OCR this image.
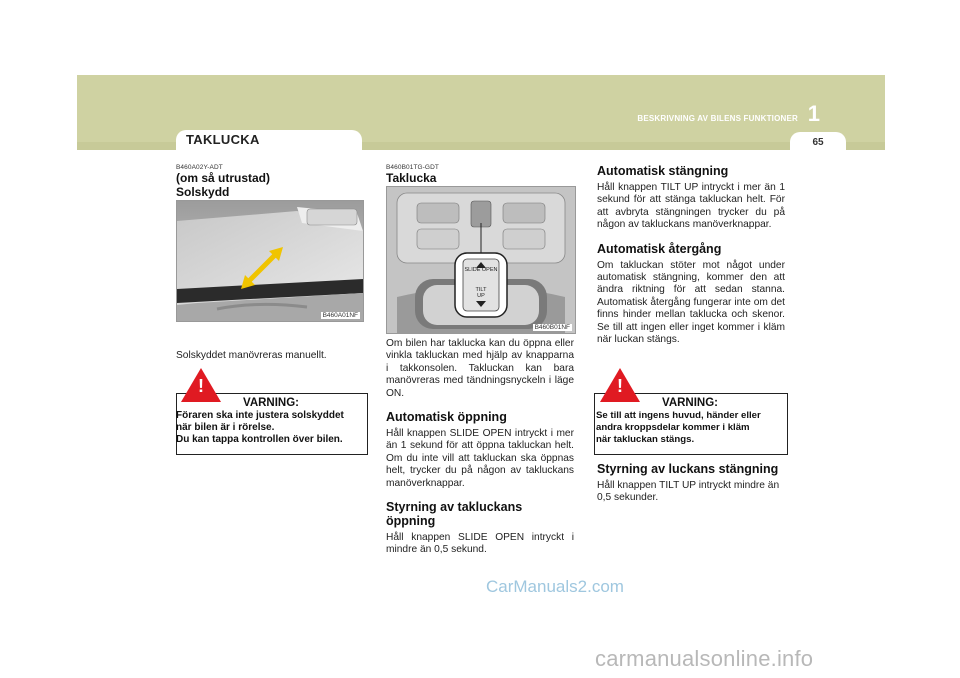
BESKRIVNING AV BILENS FUNKTIONER 1
65
TAKLUCKA
B460A02Y-ADT
(om så utrustad)
Solskydd
B460A01NF
Solskyddet manövreras manuellt.
!
VARNING:
Föraren ska inte justera solskyddet
när bilen är i rörelse.
Du kan tappa kontrollen över bilen.
B460B01TG-GDT
Taklucka
SLIDE OPEN
TILT
UP
B460B01NF
Om bilen har taklucka kan du öppna eller vinkla takluckan med hjälp av knapparna i takkonsolen. Takluckan kan bara manövreras med tändningsnyckeln i läge ON.
Automatisk öppning
Håll knappen SLIDE OPEN intryckt i mer än 1 sekund för att öppna takluckan helt. Om du inte vill att takluckan ska öppnas helt, trycker du på någon av takluckans manöverknappar.
Styrning av takluckans öppning
Håll knappen SLIDE OPEN intryckt i mindre än 0,5 sekund.
Automatisk stängning
Håll knappen TILT UP intryckt i mer än 1 sekund för att stänga takluckan helt. För att avbryta stängningen trycker du på någon av takluckans manöverknappar.
Automatisk återgång
Om takluckan stöter mot något under automatisk stängning, kommer den att ändra riktning för att sedan stanna. Automatisk återgång fungerar inte om det finns hinder mellan taklucka och skenor. Se till att ingen eller inget kommer i kläm när luckan stängs.
!
VARNING:
Se till att ingens huvud, händer eller
andra kroppsdelar kommer i kläm
när takluckan stängs.
Styrning av luckans stängning
Håll knappen TILT UP intryckt mindre än 0,5 sekunder.
CarManuals2.com
carmanualsonline.info
